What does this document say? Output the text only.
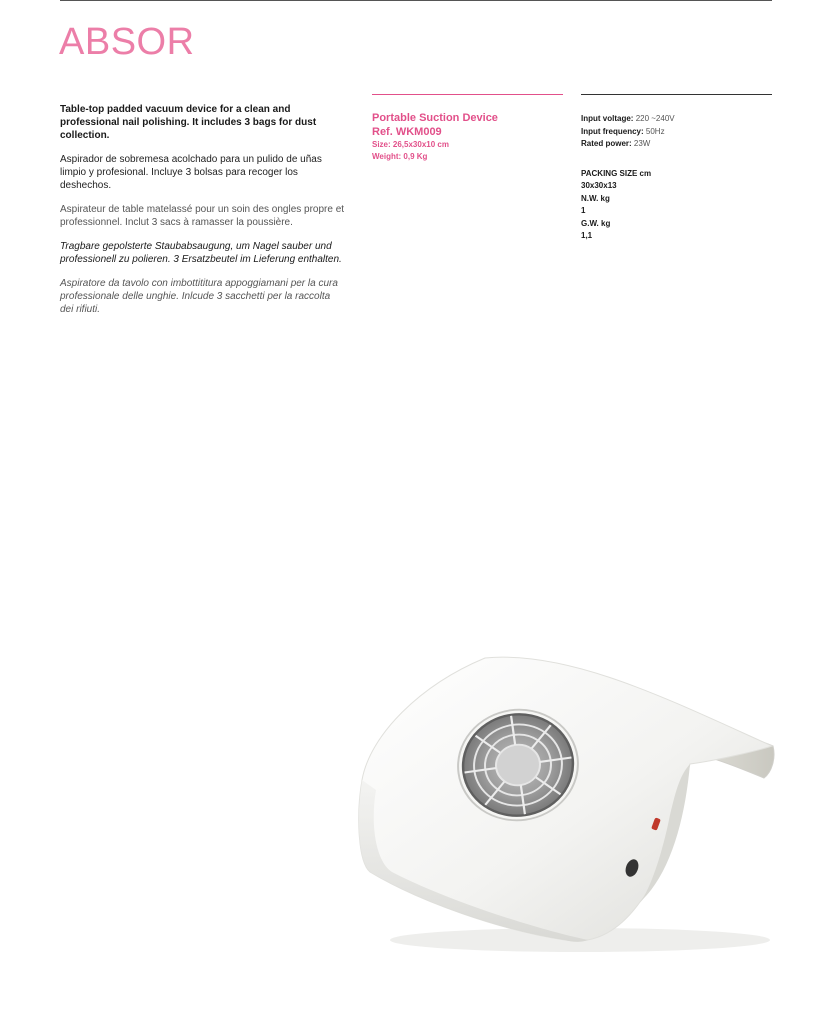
ABSOR

Table-top padded vacuum device for a clean and professional nail polishing. It includes 3 bags for dust collection.

Aspirador de sobremesa acolchado para un pulido de uñas limpio y profesional. Incluye 3 bolsas para recoger los deshechos.

Aspirateur de table matelassé pour un soin des ongles propre et professionnel. Inclut 3 sacs à ramasser la poussière.

Tragbare gepolsterte Staubabsaugung, um Nagel sauber und professionell zu polieren. 3 Ersatzbeutel im Lieferung enthalten.

Aspiratore da tavolo con imbottititura appoggiamani per la cura professionale delle unghie. Inlcude 3 sacchetti per la raccolta dei rifiuti.

Portable Suction Device
Ref. WKM009
Size: 26,5x30x10 cm
Weight: 0,9 Kg
Input voltage: 220 ~240V
Input frequency: 50Hz
Rated power: 23W
PACKING SIZE cm
30x30x13
N.W. kg
1
G.W. kg
1,1
